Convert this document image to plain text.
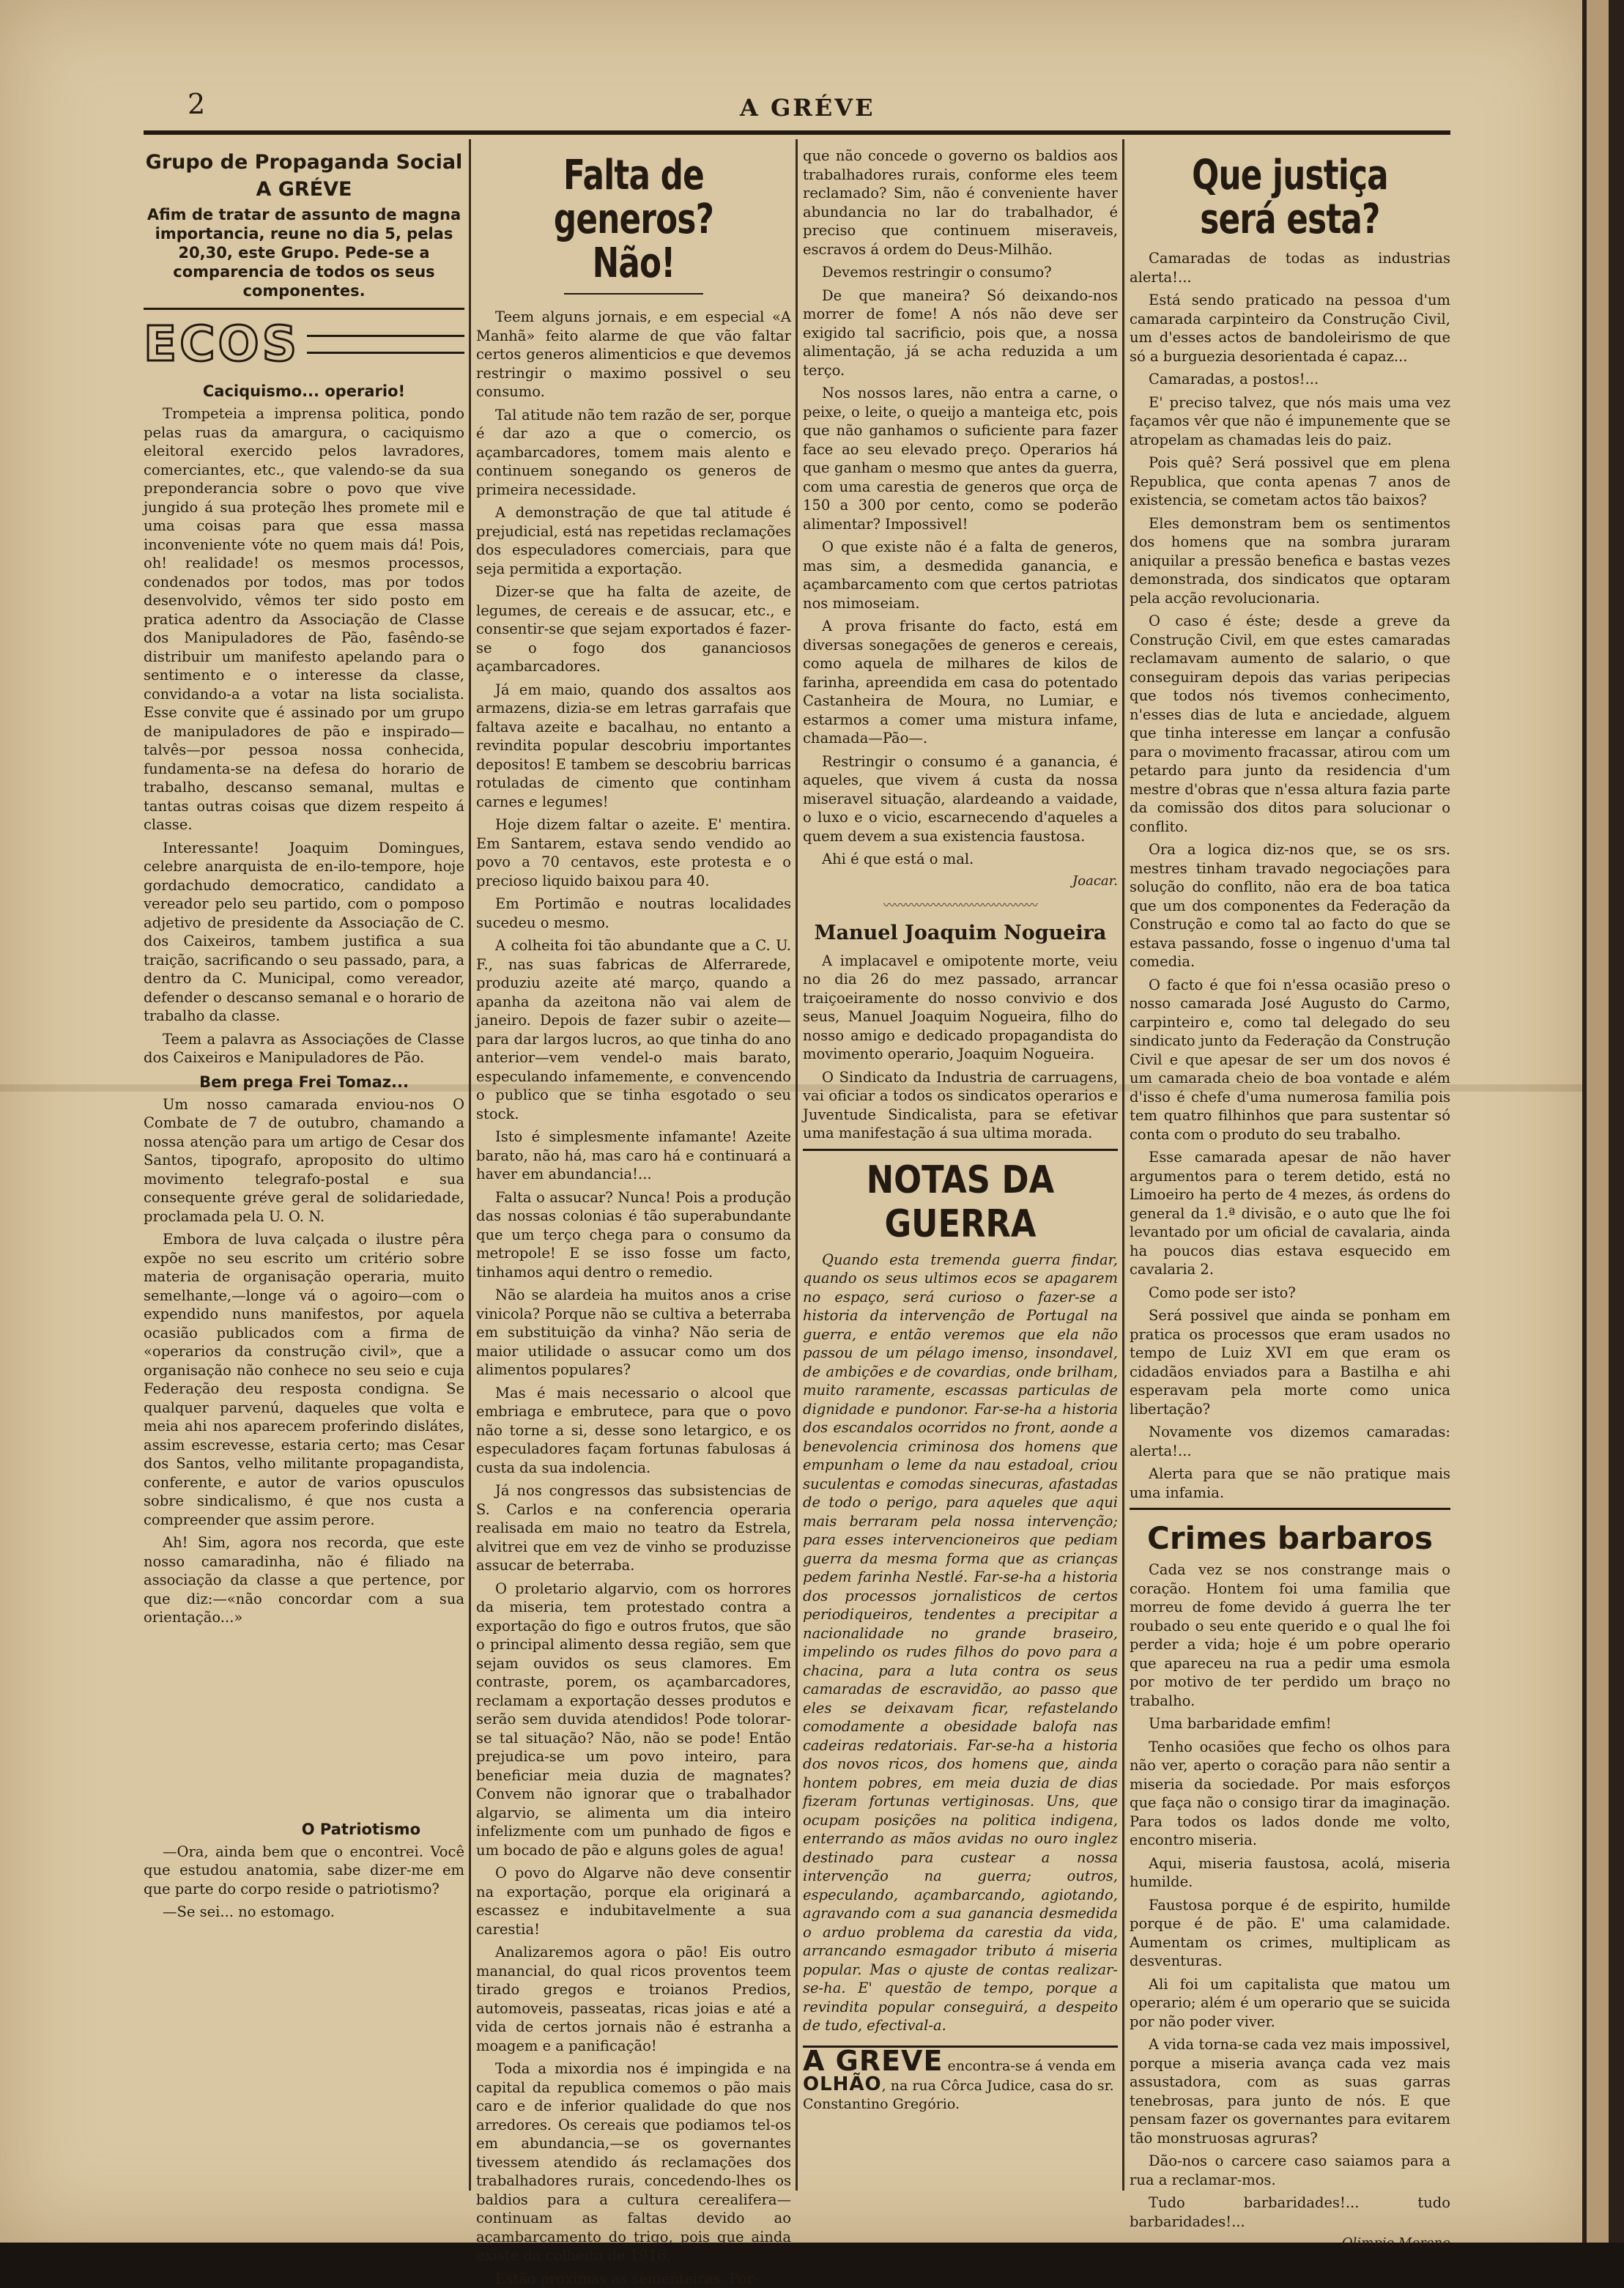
2	A GRÉVE
Grupo de Propaganda Social
A GRÉVE
Afim de tratar de assunto de magna importancia, reune no dia 5, pelas 20,30, este Grupo. Pede-se a comparencia de todos os seus componentes.
ECOS
Caciquismo... operario!

Trompeteia a imprensa politica, pondo pelas ruas da amargura, o caciquismo eleitoral exercido pelos lavradores, comerciantes, etc., que valendo-se da sua preponderancia sobre o povo que vive jungido á sua proteção lhes promete mil e uma coisas para que essa massa inconveniente vóte no quem mais dá! Pois, oh! realidade! os mesmos processos, condenados por todos, mas por todos desenvolvido, vêmos ter sido posto em pratica adentro da Associação de Classe dos Manipuladores de Pão, fasêndo-se distribuir um manifesto apelando para o sentimento e o interesse da classe, convidando-a a votar na lista socialista. Esse convite que é assinado por um grupo de manipuladores de pão e inspirado—talvês—por pessoa nossa conhecida, fundamenta-se na defesa do horario de trabalho, descanso semanal, multas e tantas outras coisas que dizem respeito á classe.

Interessante! Joaquim Domingues, celebre anarquista de en-ilo-tempore, hoje gordachudo democratico, candidato a vereador pelo seu partido, com o pomposo adjetivo de presidente da Associação de C. dos Caixeiros, tambem justifica a sua traição, sacrificando o seu passado, para, a dentro da C. Municipal, como vereador, defender o descanso semanal e o horario de trabalho da classe.

Teem a palavra as Associações de Classe dos Caixeiros e Manipuladores de Pão.

Bem prega Frei Tomaz...

Um nosso camarada enviou-nos O Combate de 7 de outubro, chamando a nossa atenção para um artigo de Cesar dos Santos, tipografo, aproposito do ultimo movimento telegrafo-postal e sua consequente gréve geral de solidariedade, proclamada pela U. O. N.

Embora de luva calçada o ilustre pêra expõe no seu escrito um critério sobre materia de organisação operaria, muito semelhante,—longe vá o agoiro—com o expendido nuns manifestos, por aquela ocasião publicados com a firma de «operarios da construção civil», que a organisação não conhece no seu seio e cuja Federação deu resposta condigna. Se qualquer parvenú, daqueles que volta e meia ahi nos aparecem proferindo dislátes, assim escrevesse, estaria certo; mas Cesar dos Santos, velho militante propagandista, conferente, e autor de varios opusculos sobre sindicalismo, é que nos custa a compreender que assim perore.

Ah! Sim, agora nos recorda, que este nosso camaradinha, não é filiado na associação da classe a que pertence, por que diz:—«não concordar com a sua orientação...»

O Patriotismo

—Ora, ainda bem que o encontrei. Você que estudou anatomia, sabe dizer-me em que parte do corpo reside o patriotismo?

—Se sei... no estomago.

Falta de generos? Não!

Teem alguns jornais, e em especial «A Manhã» feito alarme de que vão faltar certos generos alimenticios e que devemos restringir o maximo possivel o seu consumo.

Tal atitude não tem razão de ser, porque é dar azo a que o comercio, os açambarcadores, tomem mais alento e continuem sonegando os generos de primeira necessidade.

A demonstração de que tal atitude é prejudicial, está nas repetidas reclamações dos especuladores comerciais, para que seja permitida a exportação.

Dizer-se que ha falta de azeite, de legumes, de cereais e de assucar, etc., e consentir-se que sejam exportados é fazer-se o fogo dos gananciosos açambarcadores.

Já em maio, quando dos assaltos aos armazens, dizia-se em letras garrafais que faltava azeite e bacalhau, no entanto a revindita popular descobriu importantes depositos! E tambem se descobriu barricas rotuladas de cimento que continham carnes e legumes!

Hoje dizem faltar o azeite. E' mentira. Em Santarem, estava sendo vendido ao povo a 70 centavos, este protesta e o precioso liquido baixou para 40.

Em Portimão e noutras localidades sucedeu o mesmo.

A colheita foi tão abundante que a C. U. F., nas suas fabricas de Alferrarede, produziu azeite até março, quando a apanha da azeitona não vai alem de janeiro. Depois de fazer subir o azeite—para dar largos lucros, ao que tinha do ano anterior—vem vendel-o mais barato, especulando infamemente, e convencendo o publico que se tinha esgotado o seu stock.

Isto é simplesmente infamante! Azeite barato, não há, mas caro há e continuará a haver em abundancia!...

Falta o assucar? Nunca! Pois a produção das nossas colonias é tão superabundante que um terço chega para o consumo da metropole! E se isso fosse um facto, tinhamos aqui dentro o remedio.

Não se alardeia ha muitos anos a crise vinicola? Porque não se cultiva a beterraba em substituição da vinha? Não seria de maior utilidade o assucar como um dos alimentos populares?

Mas é mais necessario o alcool que embriaga e embrutece, para que o povo não torne a si, desse sono letargico, e os especuladores façam fortunas fabulosas á custa da sua indolencia.

Já nos congressos das subsistencias de S. Carlos e na conferencia operaria realisada em maio no teatro da Estrela, alvitrei que em vez de vinho se produzisse assucar de beterraba.

O proletario algarvio, com os horrores da miseria, tem protestado contra a exportação do figo e outros frutos, que são o principal alimento dessa região, sem que sejam ouvidos os seus clamores. Em contraste, porem, os açambarcadores, reclamam a exportação desses produtos e serão sem duvida atendidos! Pode tolorar-se tal situação? Não, não se pode! Então prejudica-se um povo inteiro, para beneficiar meia duzia de magnates? Convem não ignorar que o trabalhador algarvio, se alimenta um dia inteiro infelizmente com um punhado de figos e um bocado de pão e alguns goles de agua!

O povo do Algarve não deve consentir na exportação, porque ela originará a escassez e indubitavelmente a sua carestia!

Analizaremos agora o pão! Eis outro manancial, do qual ricos proventos teem tirado gregos e troianos Predios, automoveis, passeatas, ricas joias e até a vida de certos jornais não é estranha a moagem e a panificação!

Toda a mixordia nos é impingida e na capital da republica comemos o pão mais caro e de inferior qualidade do que nos arredores. Os cereais que podiamos tel-os em abundancia,—se os governantes tivessem atendido ás reclamações dos trabalhadores rurais, concedendo-lhes os baldios para a cultura cerealifera—continuam as faltas devido ao açambarcamento do trigo, pois que ainda existe da colheita de 1916.

Estão proximas as sementeiras. Por-

que não concede o governo os baldios aos trabalhadores rurais, conforme eles teem reclamado? Sim, não é conveniente haver abundancia no lar do trabalhador, é preciso que continuem miseraveis, escravos á ordem do Deus-Milhão.

Devemos restringir o consumo?

De que maneira? Só deixando-nos morrer de fome! A nós não deve ser exigido tal sacrificio, pois que, a nossa alimentação, já se acha reduzida a um terço.

Nos nossos lares, não entra a carne, o peixe, o leite, o queijo a manteiga etc, pois que não ganhamos o suficiente para fazer face ao seu elevado preço. Operarios há que ganham o mesmo que antes da guerra, com uma carestia de generos que orça de 150 a 300 por cento, como se poderão alimentar? Impossivel!

O que existe não é a falta de generos, mas sim, a desmedida ganancia, e açambarcamento com que certos patriotas nos mimoseiam.

A prova frisante do facto, está em diversas sonegações de generos e cereais, como aquela de milhares de kilos de farinha, apreendida em casa do potentado Castanheira de Moura, no Lumiar, e estarmos a comer uma mistura infame, chamada—Pão—.

Restringir o consumo é a ganancia, é aqueles, que vivem á custa da nossa miseravel situação, alardeando a vaidade, o luxo e o vicio, escarnecendo d'aqueles a quem devem a sua existencia faustosa.

Ahi é que está o mal.

Joacar.
〰〰〰〰〰〰〰〰〰〰〰〰〰〰
Manuel Joaquim Nogueira

A implacavel e omipotente morte, veiu no dia 26 do mez passado, arrancar traiçoeiramente do nosso convivio e dos seus, Manuel Joaquim Nogueira, filho do nosso amigo e dedicado propagandista do movimento operario, Joaquim Nogueira.

O Sindicato da Industria de carruagens, vai oficiar a todos os sindicatos operarios e Juventude Sindicalista, para se efetivar uma manifestação á sua ultima morada.

NOTAS DA GUERRA

Quando esta tremenda guerra findar, quando os seus ultimos ecos se apagarem no espaço, será curioso o fazer-se a historia da intervenção de Portugal na guerra, e então veremos que ela não passou de um pélago imenso, insondavel, de ambições e de covardias, onde brilham, muito raramente, escassas particulas de dignidade e pundonor. Far-se-ha a historia dos escandalos ocorridos no front, aonde a benevolencia criminosa dos homens que empunham o leme da nau estadoal, criou suculentas e comodas sinecuras, afastadas de todo o perigo, para aqueles que aqui mais berraram pela nossa intervenção; para esses intervencioneiros que pediam guerra da mesma forma que as crianças pedem farinha Nestlé. Far-se-ha a historia dos processos jornalisticos de certos periodiqueiros, tendentes a precipitar a nacionalidade no grande braseiro, impelindo os rudes filhos do povo para a chacina, para a luta contra os seus camaradas de escravidão, ao passo que eles se deixavam ficar, refastelando comodamente a obesidade balofa nas cadeiras redatoriais. Far-se-ha a historia dos novos ricos, dos homens que, ainda hontem pobres, em meia duzia de dias fizeram fortunas vertiginosas. Uns, que ocupam posições na politica indigena, enterrando as mãos avidas no ouro inglez destinado para custear a nossa intervenção na guerra; outros, especulando, açambarcando, agiotando, agravando com a sua ganancia desmedida o arduo problema da carestia da vida, arrancando esmagador tributo á miseria popular. Mas o ajuste de contas realizar-se-ha. E' questão de tempo, porque a revindita popular conseguirá, a despeito de tudo, efectival-a.

A GREVE encontra-se á venda em OLHÃO, na rua Côrca Judice, casa do sr. Constantino Gregório.
Que justiça será esta?

Camaradas de todas as industrias alerta!...

Está sendo praticado na pessoa d'um camarada carpinteiro da Construção Civil, um d'esses actos de bandoleirismo de que só a burguezia desorientada é capaz...

Camaradas, a postos!...

E' preciso talvez, que nós mais uma vez façamos vêr que não é impunemente que se atropelam as chamadas leis do paiz.

Pois quê? Será possivel que em plena Republica, que conta apenas 7 anos de existencia, se cometam actos tão baixos?

Eles demonstram bem os sentimentos dos homens que na sombra juraram aniquilar a pressão benefica e bastas vezes demonstrada, dos sindicatos que optaram pela acção revolucionaria.

O caso é éste; desde a greve da Construção Civil, em que estes camaradas reclamavam aumento de salario, o que conseguiram depois das varias peripecias que todos nós tivemos conhecimento, n'esses dias de luta e anciedade, alguem que tinha interesse em lançar a confusão para o movimento fracassar, atirou com um petardo para junto da residencia d'um mestre d'obras que n'essa altura fazia parte da comissão dos ditos para solucionar o conflito.

Ora a logica diz-nos que, se os srs. mestres tinham travado negociações para solução do conflito, não era de boa tatica que um dos componentes da Federação da Construção e como tal ao facto do que se estava passando, fosse o ingenuo d'uma tal comedia.

O facto é que foi n'essa ocasião preso o nosso camarada José Augusto do Carmo, carpinteiro e, como tal delegado do seu sindicato junto da Federação da Construção Civil e que apesar de ser um dos novos é um camarada cheio de boa vontade e além d'isso é chefe d'uma numerosa familia pois tem quatro filhinhos que para sustentar só conta com o produto do seu trabalho.

Esse camarada apesar de não haver argumentos para o terem detido, está no Limoeiro ha perto de 4 mezes, ás ordens do general da 1.ª divisão, e o auto que lhe foi levantado por um oficial de cavalaria, ainda ha poucos dias estava esquecido em cavalaria 2.

Como pode ser isto?

Será possivel que ainda se ponham em pratica os processos que eram usados no tempo de Luiz XVI em que eram os cidadãos enviados para a Bastilha e ahi esperavam pela morte como unica libertação?

Novamente vos dizemos camaradas: alerta!...

Alerta para que se não pratique mais uma infamia.

Crimes barbaros

Cada vez se nos constrange mais o coração. Hontem foi uma familia que morreu de fome devido á guerra lhe ter roubado o seu ente querido e o qual lhe foi perder a vida; hoje é um pobre operario que apareceu na rua a pedir uma esmola por motivo de ter perdido um braço no trabalho.

Uma barbaridade emfim!

Tenho ocasiões que fecho os olhos para não ver, aperto o coração para não sentir a miseria da sociedade. Por mais esforços que faça não o consigo tirar da imaginação. Para todos os lados donde me volto, encontro miseria.

Aqui, miseria faustosa, acolá, miseria humilde.

Faustosa porque é de espirito, humilde porque é de pão. E' uma calamidade. Aumentam os crimes, multiplicam as desventuras.

Ali foi um capitalista que matou um operario; além é um operario que se suicida por não poder viver.

A vida torna-se cada vez mais impossivel, porque a miseria avança cada vez mais assustadora, com as suas garras tenebrosas, para junto de nós. E que pensam fazer os governantes para evitarem tão monstruosas agruras?

Dão-nos o carcere caso saiamos para a rua a reclamar-mos.

Tudo barbaridades!... tudo barbaridades!...

Olimpio Moreno
